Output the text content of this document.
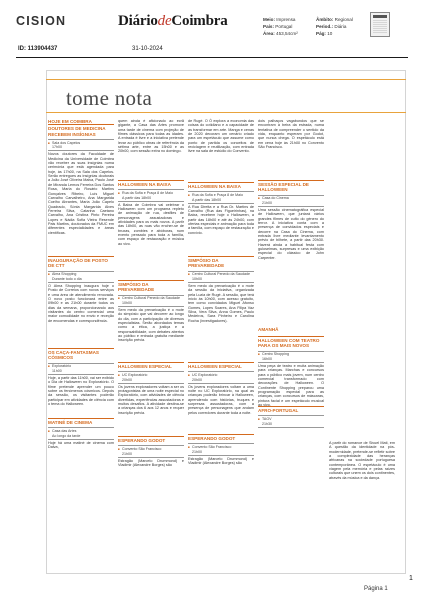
CISION	DiáriodeCoimbra	Meio: Imprensa
País: Portugal
Área: 453,54cm²
Âmbito: Regional
Period.: Diária
Pág: 10
ID: 113904437	31-10-2024
tome nota
HOJE EM COIMBRA
DOUTORES DE MEDICINA RECEBEM INSÍGNIAS
■ Sala dos Capelos
17h00
Novos doutores da Faculdade de Medicina da Universidade de Coimbra vão receber as suas insígnias numa cerimónia que está agendada para hoje, às 17h00, na Sala dos Capelos. Serão entregues as insígnias doutorais a João José Oliveira Malva, Paulo José de Miranda Lemos Ferreira Dos Santos Rosa, Maria do Rosário Martins Gonçalves Ribeiro, Luís Miguel Carvalho Carvalheiro, Ana Margarida Coelho Abrantes, Maria João Capelo Quadrado, Sónia Margarida Alves Ferreira Silva, Catarina Caetano Carvalho, Ana Cristina Pinto Pereira Lopes e Nádia Sofia Vieira Resende Pais Martins, doutorados da FMUC em diferentes especialidades e áreas científicas.
INAUGURAÇÃO DE POSTO DE CTT
■ Alma Shopping
Durante todo o dia
O Alma Shopping inaugura hoje o Posto de Correios com novos serviços e uma área de atendimento renovada. O novo posto funcionará entre as 09h00 e as 21h00 durante todos os dias da semana, proporcionando aos visitantes do centro comercial uma maior comodidade no envio e receção de encomendas e correspondência.
OS CAÇA-FANTASMAS CÓSMICOS
■ Exploratório
11h00
Hoje, a partir das 11h00, vai ser exibido o Dia de Halloween no Exploratório. O filme pretende aprender um pouco sobre os fenómenos cósmicos. Depois da sessão, os visitantes poderão participar em atividades de ciência com o tema do Halloween.
MATINÉ DE CINEMA
■ Casa das Artes
Ao longo da tarde
Hoje há uma matiné de cinema com Dalva,
quem ainda é aficionado ao ecrã gigante, a Casa das Artes promove uma tarde de cinema com projeção de filmes clássicos para todas as idades. A entrada é livre e a iniciativa pretende levar ao público obras de referência da sétima arte, entre as 15h00 e as 20h00, com sessão extra no domingo.
HALLOWEEN NA BAIXA
■ Rua da Sofia e Praça 8 de Maio
A partir das 18h00
A Baixa de Coimbra vai celebrar o Halloween com um programa repleto de animação de rua, desfiles de personagens assustadoras e atividades para os mais novos. A partir das 18h00, as ruas vão encher-se de bruxas, zombies e abóboras, num evento pensado para toda a família, com espaço de restauração e música ao vivo.
SIMPÓSIO DA PREVARIEDADE
■ Centro Cultural Penedo da Saudade
10h00
Sem medo da prevaricação é o mote do simpósio que vai decorrer ao longo do dia, com a participação de diversos especialistas. Serão abordados temas como a ética, a justiça e a responsabilidade, com debates abertos ao público e entrada gratuita mediante inscrição prévia.
HALLOWEEN ESPECIAL
■ UC Exploratório
20h00
Os jovens exploradores voltam a ser os protagonistas de uma noite especial no Exploratório, com atividades de ciência divertidas, experiências assustadoras e muitos desafios. A atividade destina-se a crianças dos 6 aos 12 anos e requer inscrição prévia.
ESPERANDO GODOT
■ Convento São Francisco
21h00
Estragão (Marcelo Drummond) e Vladimir (Alexandre Borges) são
de Rugé. O Ó explora a economia das coisas do cotidiano e a capacidade de as transformar em arte. Manga e cenas de 2020 decoram um cenário criado para um espetáculo que assume como ponto de partida os conceitos de reciclagem e reutilização, com entrada livre na sala de estúdio do Convento.
HALLOWEEN NA BAIXA
■ Rua da Sofia e Praça 8 de Maio
A partir das 18h00
A Rua Direita e a Rua Dr. Martins de Carvalho (Rua das Figueirinhas), na Baixa, recebem hoje o Halloween, a partir das 18h00 e até às 24h00, com ofertas especiais e animação para toda a família, com espaço de restauração e convívio.
SIMPÓSIO DA PREVARIEDADE
■ Centro Cultural Penedo da Saudade
10h00
Sem medo da prevaricação é o mote da sessão da iniciativa, organizada pela Luzia de Rugé. A sessão, que terá início às 10h00, com acesso gratuito, tem como convidados Miguel Afonso Gomes, Lopes Soares, Ana Filipa Vaz Silva, Vera Silva, Anna Gomes, Paulo Medeiros, Sara Pinheiro e Carolina Rocha (investigadores).
HALLOWEEN ESPECIAL
■ UC Exploratório
20h00
Os jovens exploradores voltam a uma noite no UC Exploratório, na qual as crianças poderão brincar à Halloween, aprendendo com histórias, truques e surpresas assustadoras, com a presença de personagens que andam pelos corredores durante toda a noite.
ESPERANDO GODOT
■ Convento São Francisco
21h00
Estragão (Marcelo Drummond) e Vladimir (Alexandre Borges) são
dois palhaços vagabundos que se encontram à beira da estrada, numa tentativa de compreender o sentido da vida, enquanto esperam por Godot, que nunca chega. O espetáculo está em cena hoje às 21h00 no Convento São Francisco.
SESSÃO ESPECIAL DE HALLOWEEN
■ Casa do Cinema
21h00
Uma sessão cinematográfica especial de Halloween, que juntará vários grandes filmes de culto do género do terror. A iniciativa conta com a presença de convidados especiais e decorre na Casa do Cinema, com entrada livre mediante levantamento prévio de bilhete, a partir das 20h30. Haverá ainda a habitual festa com guloseimas, surpresas e uma exibição especial do clássico de John Carpenter.
AMANHÃ
HALLOWEEN COM TEATRO PARA OS MAIS NOVOS
■ Centro Shopping
16h00
Uma peça de teatro e muita animação para crianças. Marchas e concursos para o público mais jovem, num centro comercial transformado com decorações de Halloween. O Continente Shopping preparou uma programação especial para as crianças, com concursos de máscaras, pintura facial e um espetáculo musical ao vivo.
AFRO-PORTUGAL
■ TAGV
21h30
A partir do romance de Sivuel Mati, em A questão da identidade na pós-modernidade, pretende-se refletir sobre a complexidade das heranças africanas na sociedade portuguesa contemporânea. O espetáculo é uma viagem pela memória e pelas raízes culturais que unem os dois continentes, através da música e da dança.
1
Página 1
